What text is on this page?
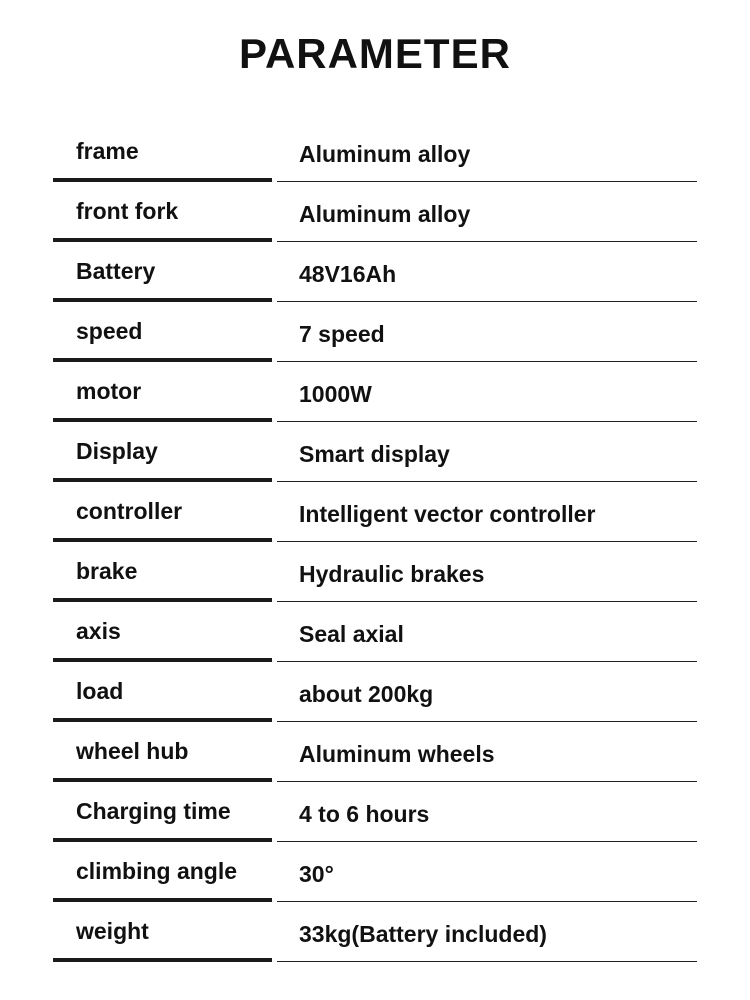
PARAMETER
frame	Aluminum alloy
front fork	Aluminum alloy
Battery	48V16Ah
speed	7 speed
motor	1000W
Display	Smart display
controller	Intelligent vector controller
brake	Hydraulic brakes
axis	Seal axial
load	about 200kg
wheel hub	Aluminum wheels
Charging time	4 to 6 hours
climbing angle	30°
weight	33kg(Battery included)
